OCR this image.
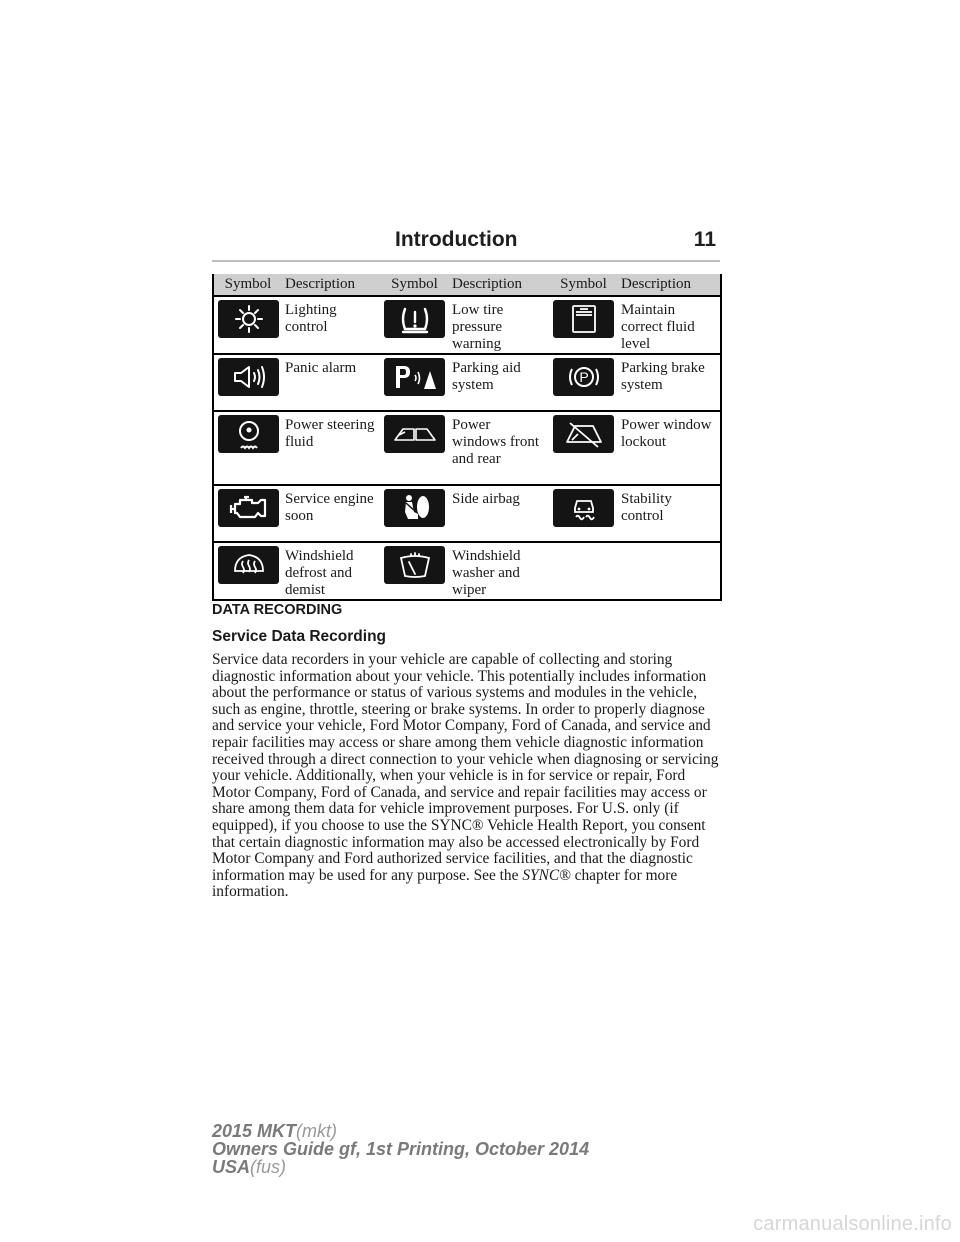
Introduction	11
Symbol	Description	Symbol	Description	Symbol	Description

	Lighting control		Low tire pressure warning		Maintain correct fluid level

	Panic alarm		Parking aid system	P	Parking brake system

	Power steering fluid		Power windows front and rear		Power window lockout

	Service engine soon		Side airbag		Stability control

	Windshield defrost and demist		Windshield washer and wiper		
DATA RECORDING
Service Data Recording

Service data recorders in your vehicle are capable of collecting and storing diagnostic information about your vehicle. This potentially includes information about the performance or status of various systems and modules in the vehicle, such as engine, throttle, steering or brake systems. In order to properly diagnose and service your vehicle, Ford Motor Company, Ford of Canada, and service and repair facilities may access or share among them vehicle diagnostic information received through a direct connection to your vehicle when diagnosing or servicing your vehicle. Additionally, when your vehicle is in for service or repair, Ford Motor Company, Ford of Canada, and service and repair facilities may access or share among them data for vehicle improvement purposes. For U.S. only (if equipped), if you choose to use the SYNC® Vehicle Health Report, you consent that certain diagnostic information may also be accessed electronically by Ford Motor Company and Ford authorized service facilities, and that the diagnostic information may be used for any purpose. See the SYNC® chapter for more information.

2015 MKT(mkt)
Owners Guide gf, 1st Printing, October 2014
USA(fus)
carmanualsonline.info
